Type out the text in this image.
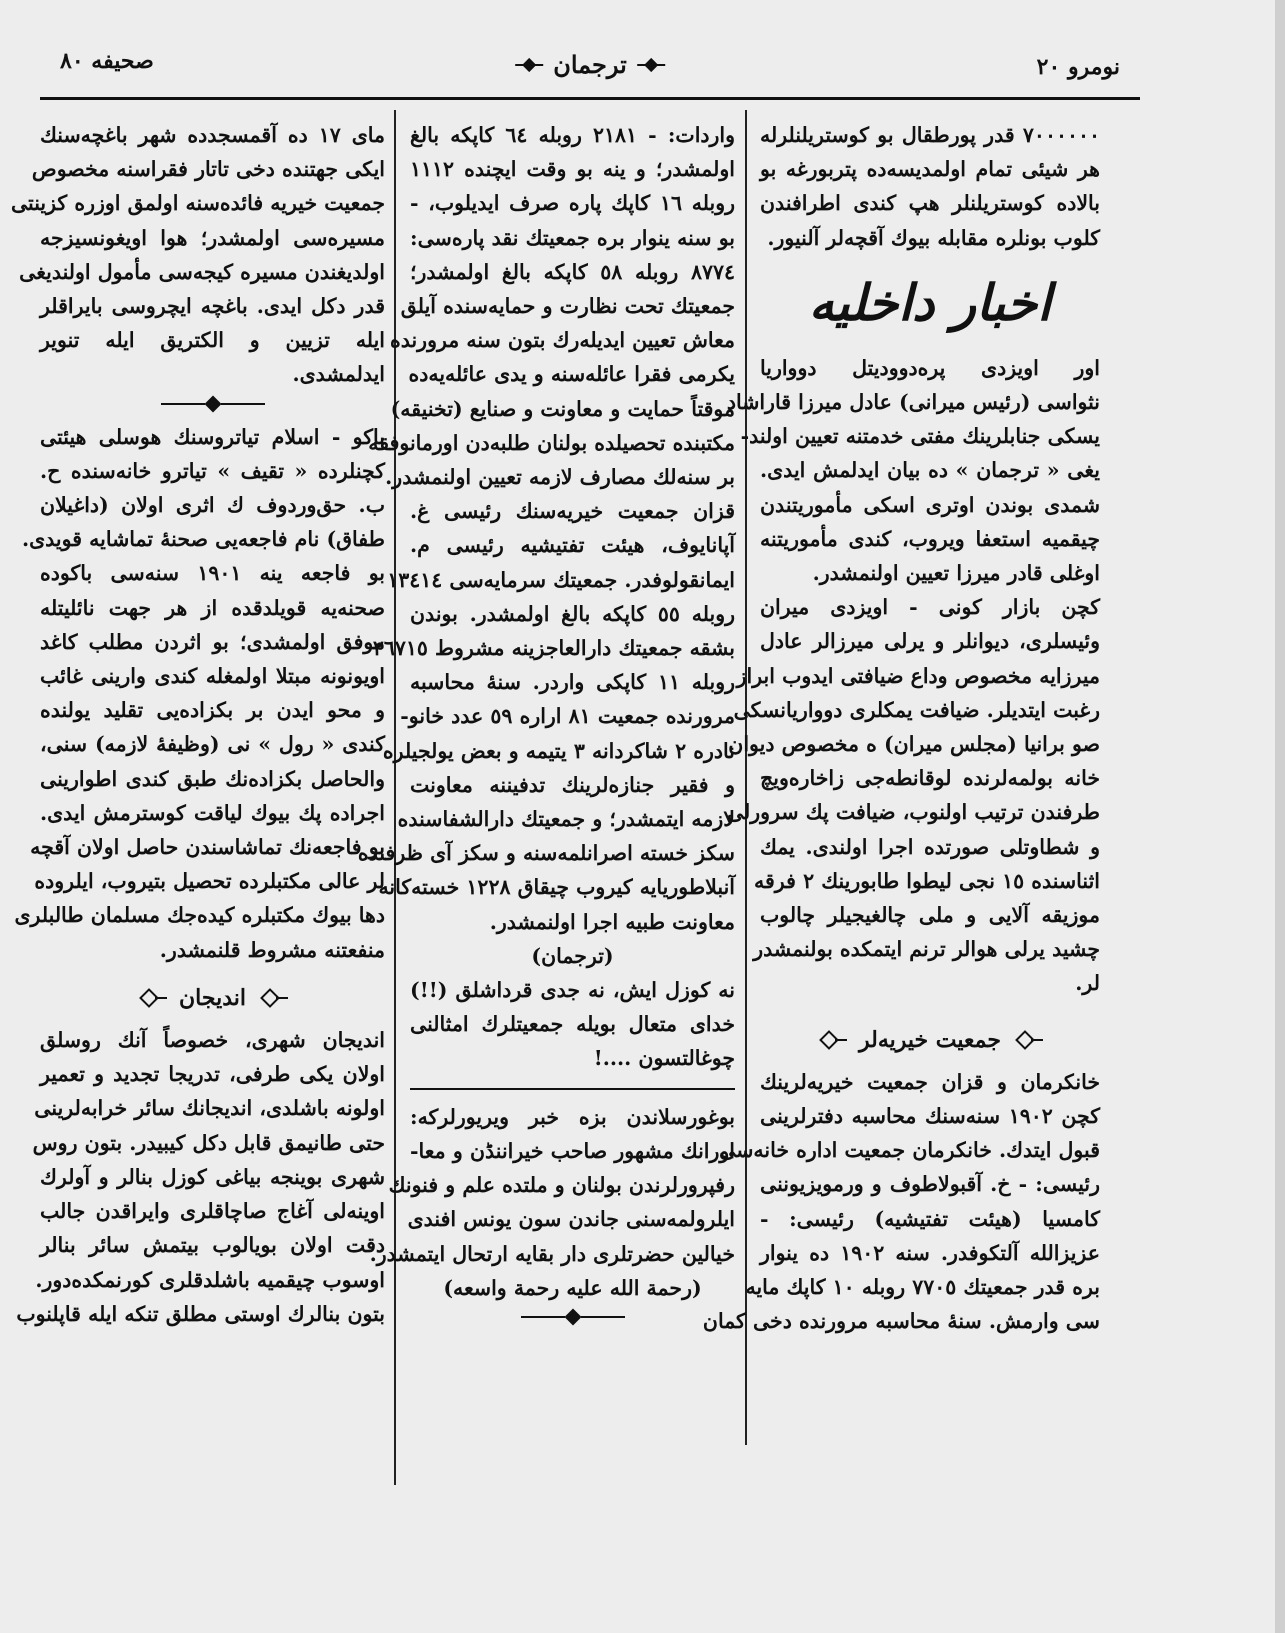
نومرو ٢٠
ترجمان
صحیفه ٨٠
٧٠٠٠٠٠٠ قدر پورطقال بو کوستریلنلرله
هر شیئی تمام اولمدیسه‌ده پتربورغه بو
بالاده کوستریلنلر هپ کندی اطرافندن
کلوب بونلره مقابله بیوك آقچه‌لر آلنیور.
اخبار داخلیه
اور اویزدی پره‌دوودیتل دوواریا
نثواسی (رئیس میرانی) عادل میرزا قاراشاد
یسکی جنابلرینك مفتی خدمتنه تعیین اولند-
یغی « ترجمان » ده بیان ایدلمش ایدی.
شمدی بوندن اوتری اسکی مأموریتندن
چیقمیه استعفا ویروب، کندی مأموریتنه
اوغلی قادر میرزا تعیین اولنمشدر.
کچن بازار کونی - اویزدی میران
وئیسلری، دیوانلر و یرلی میرزالر عادل
میرزایه مخصوص وداع ضیافتی ایدوب ابراز
رغبت ایتدیلر. ضیافت یمکلری دوواریانسکی
صو برانیا (مجلس میران) ه مخصوص دیوان
خانه بولمه‌لرنده لوقانطه‌جی زاخاره‌ویچ
طرفندن ترتیب اولنوب، ضیافت پك سرورلی
و شطاوتلی صورتده اجرا اولندی. یمك
اثناسنده ١٥ نجی لیطوا طابورینك ٢ فرقه
موزیقه آلایی و ملی چالغیجیلر چالوب
چشید یرلی هوالر ترنم ایتمکده بولنمشدر
لر.
جمعیت خیریه‌لر
خانکرمان و قزان جمعیت خیریه‌لرینك
کچن ١٩٠٢ سنه‌سنك محاسبه دفترلرینی
قبول ایتدك. خانکرمان جمعیت اداره خانه‌سی
رئیسی: - خ. آقبولاطوف و ورمویزیوننی
کامسیا (هیئت تفتیشیه) رئیسی: -
عزیزالله آلتکوفدر. سنه ١٩٠٢ ده ینوار
بره قدر جمعیتك ٧٧٠٥ روبله ١٠ کاپك مایه
سی وارمش. سنهٔ محاسبه مرورنده دخی کمان
واردات: - ٢١٨١ روبله ٦٤ کاپکه بالغ
اولمشدر؛ و ینه بو وقت ایچنده ١١١٢
روبله ١٦ کاپك پاره صرف ایدیلوب، -
بو سنه ینوار بره جمعیتك نقد پاره‌سی:
٨٧٧٤ روبله ٥٨ کاپکه بالغ اولمشدر؛
جمعیتك تحت نظارت و حمایه‌سنده آیلق
معاش تعیین ایدیله‌رك بتون سنه مرورنده
یکرمی فقرا عائله‌سنه و یدی عائله‌یه‌ده
موقتاً حمایت و معاونت و صنایع (تخنیقه)
مکتبنده تحصیلده بولنان طلبه‌دن اورمانوفقه
بر سنه‌لك مصارف لازمه تعیین اولنمشدر.
قزان جمعیت خیریه‌سنك رئیسی غ.
آپانایوف، هیئت تفتیشیه رئیسی م.
ایمانقولوفدر. جمعیتك سرمایه‌سی ١٣٤١٤
روبله ٥٥ کاپکه بالغ اولمشدر. بوندن
بشقه جمعیتك دارالعاجزینه مشروط ٢٦٧١٥
روبله ١١ کاپکی واردر. سنهٔ محاسبه
مرورنده جمعیت ٨١ اراره ٥٩ عدد خانو-
نادره ٢ شاکردانه ٣ یتیمه و بعض یولجیلره
و فقیر جنازه‌لرینك تدفیننه معاونت
لازمه ایتمشدر؛ و جمعیتك دارالشفاسنده
سکز خسته اصرانلمه‌سنه و سکز آی ظرفنده
آنبلاطوریایه کیروب چیقاق ١٢٢٨ خسته‌کانه
معاونت طبیه اجرا اولنمشدر.
(ترجمان)
نه کوزل ایش، نه جدی قرداشلق (!!)
خدای متعال بویله جمعیتلرك امثالنی
چوغالتسون ....!
بوغورسلاندن بزه خبر ویریورلرکه:
اورانك مشهور صاحب خیراننڈن و معا-
رفپرورلرندن بولنان و ملتده علم و فنونك
ایلرولمه‌سنی جاندن سون یونس افندی
خیالین حضرتلری دار بقایه ارتحال ایتمشدر.
(رحمة الله علیه رحمة واسعه)
مای ١٧ ده آقمسجدده شهر باغچه‌سنك
ایکی جهتنده دخی تاتار فقراسنه مخصوص
جمعیت خیریه فائده‌سنه اولمق اوزره کزینتی
مسیره‌سی اولمشدر؛ هوا اویغونسیزجه
اولدیغندن مسیره کیجه‌سی مأمول اولندیغی
قدر دکل ایدی. باغچه ایچروسی بایراقلر
ایله تزیین و الکتریق ایله تنویر
ایدلمشدی.
باکو - اسلام تیاتروسنك هوسلی هیئتی
کچنلرده « تقیف » تیاترو خانه‌سنده ح.
ب. حق‌وردوف ك اثری اولان (داغیلان
طفاق) نام فاجعه‌یی صحنهٔ تماشایه قویدی.
بو فاجعه ینه ١٩٠١ سنه‌سی باکوده
صحنه‌یه قویلدقده از هر جهت نائلیتله
موفق اولمشدی؛ بو اثردن مطلب کاغد
اویونونه مبتلا اولمغله کندی وارینی غائب
و محو ایدن بر بکزاده‌یی تقلید یولنده
کندی « رول » نی (وظیفهٔ لازمه) سنی،
والحاصل بکزاده‌نك طبق کندی اطوارینی
اجراده پك بیوك لیاقت کوسترمش ایدی.
بو فاجعه‌نك تماشاسندن حاصل اولان آقچه
لر عالی مکتبلرده تحصیل بتیروب، ایلروده
دها بیوك مکتبلره کیده‌جك مسلمان طالبلری
منفعتنه مشروط قلنمشدر.
اندیجان
اندیجان شهری، خصوصاً آنك روسلق
اولان یکی طرفی، تدریجا تجدید و تعمیر
اولونه باشلدی، اندیجانك سائر خرابه‌لرینی
حتی طانیمق قابل دکل کیبیدر. بتون روس
شهری بوینجه بیاغی کوزل بنالر و آولرك
اوینه‌لی آغاج صاچاقلری وایراقدن جالب
دقت اولان بویالوب بیتمش سائر بنالر
اوسوب چیقمیه باشلدقلری کورنمکده‌دور.
بتون بنالرك اوستی مطلق تنکه ایله قاپلنوب
